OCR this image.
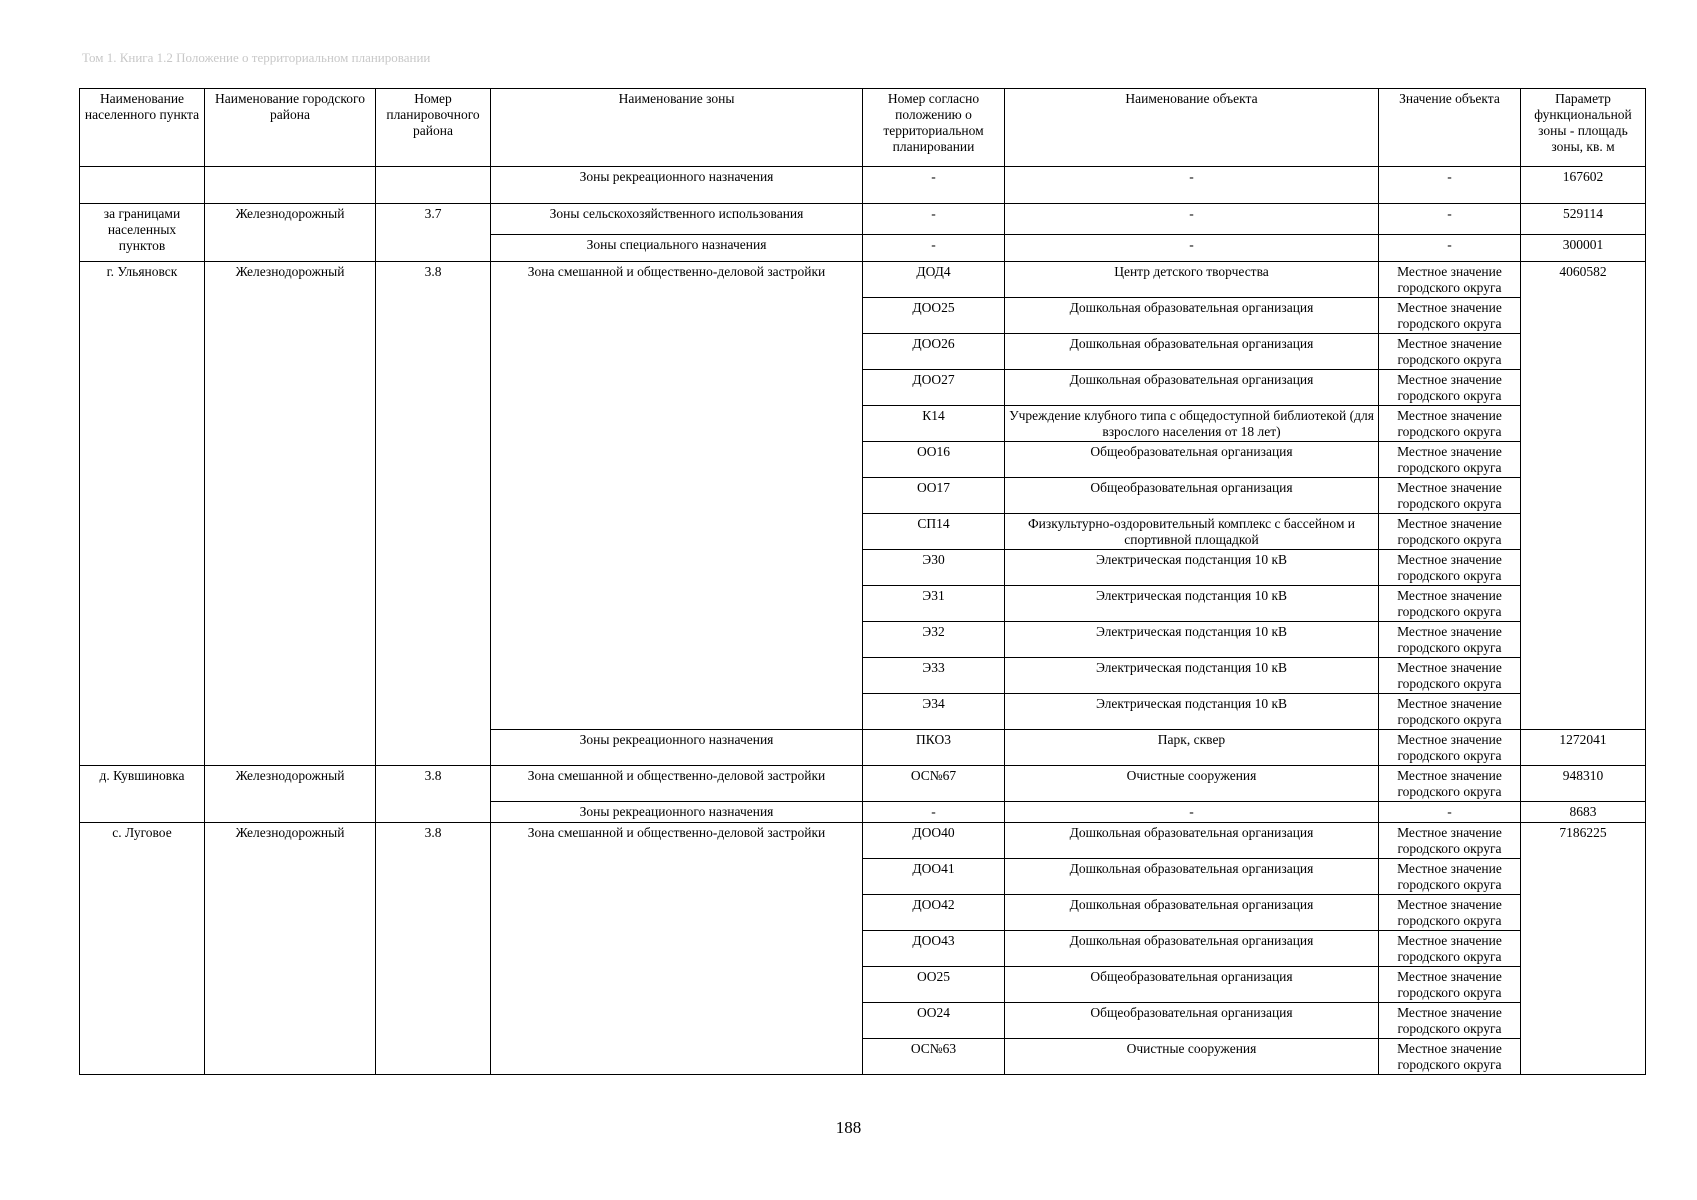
Том 1. Книга 1.2 Положение о территориальном планировании
Наименование населенного пункта	Наименование городского района	Номер планировочного района	Наименование зоны	Номер согласно положению о территориальном планировании	Наименование объекта	Значение объекта	Параметр функциональной зоны - площадь зоны, кв. м
			Зоны рекреационного назначения	-	-	-	167602
за границами населенных пунктов	Железнодорожный	3.7	Зоны сельскохозяйственного использования	-	-	-	529114
			Зоны специального назначения	-	-	-	300001
г. Ульяновск	Железнодорожный	3.8	Зона смешанной и общественно-деловой застройки	ДОД4	Центр детского творчества	Местное значение городского округа	4060582
				ДОО25	Дошкольная образовательная организация	Местное значение городского округа	
				ДОО26	Дошкольная образовательная организация	Местное значение городского округа	
				ДОО27	Дошкольная образовательная организация	Местное значение городского округа	
				К14	Учреждение клубного типа с общедоступной библиотекой (для взрослого населения от 18 лет)	Местное значение городского округа	
				ОО16	Общеобразовательная организация	Местное значение городского округа	
				ОО17	Общеобразовательная организация	Местное значение городского округа	
				СП14	Физкультурно-оздоровительный комплекс с бассейном и спортивной площадкой	Местное значение городского округа	
				Э30	Электрическая подстанция 10 кВ	Местное значение городского округа	
				Э31	Электрическая подстанция 10 кВ	Местное значение городского округа	
				Э32	Электрическая подстанция 10 кВ	Местное значение городского округа	
				Э33	Электрическая подстанция 10 кВ	Местное значение городского округа	
				Э34	Электрическая подстанция 10 кВ	Местное значение городского округа	
			Зоны рекреационного назначения	ПКО3	Парк, сквер	Местное значение городского округа	1272041
д. Кувшиновка	Железнодорожный	3.8	Зона смешанной и общественно-деловой застройки	ОС№67	Очистные сооружения	Местное значение городского округа	948310
			Зоны рекреационного назначения	-	-	-	8683
с. Луговое	Железнодорожный	3.8	Зона смешанной и общественно-деловой застройки	ДОО40	Дошкольная образовательная организация	Местное значение городского округа	7186225
				ДОО41	Дошкольная образовательная организация	Местное значение городского округа	
				ДОО42	Дошкольная образовательная организация	Местное значение городского округа	
				ДОО43	Дошкольная образовательная организация	Местное значение городского округа	
				ОО25	Общеобразовательная организация	Местное значение городского округа	
				ОО24	Общеобразовательная организация	Местное значение городского округа	
				ОС№63	Очистные сооружения	Местное значение городского округа	
188
